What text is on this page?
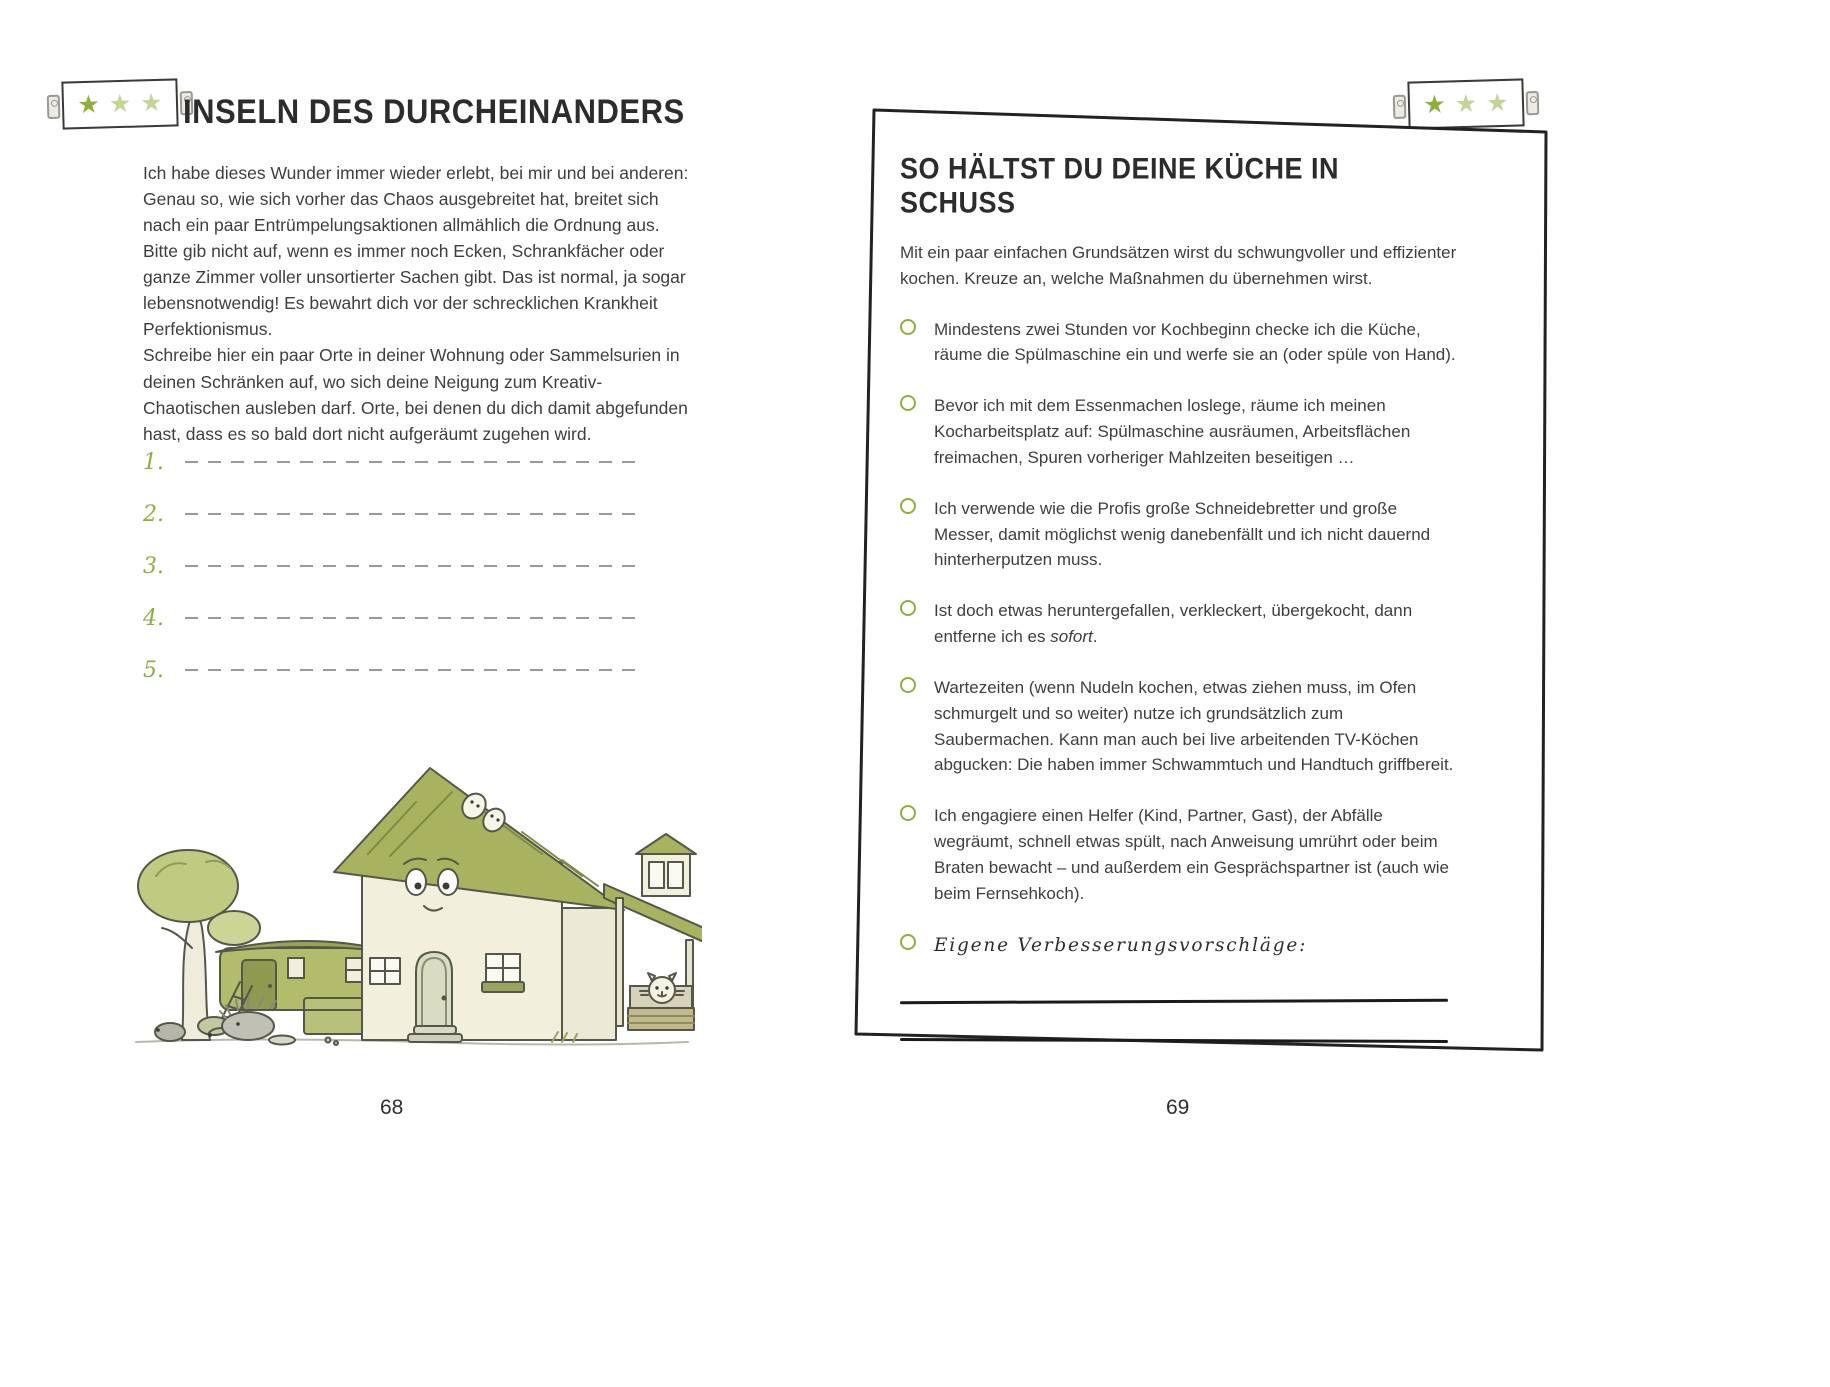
★ ★ ★ INSELN DES DURCHEINANDERS

Ich habe dieses Wunder immer wieder erlebt, bei mir und bei anderen: Genau so, wie sich vorher das Chaos ausgebreitet hat, breitet sich nach ein paar Entrümpelungsaktionen allmählich die Ordnung aus. Bitte gib nicht auf, wenn es immer noch Ecken, Schrankfächer oder ganze Zimmer voller unsortierter Sachen gibt. Das ist normal, ja sogar lebensnotwendig! Es bewahrt dich vor der schrecklichen Krankheit Perfektionismus.

Schreibe hier ein paar Orte in deiner Wohnung oder Sammelsurien in deinen Schränken auf, wo sich deine Neigung zum Kreativ-Chaotischen ausleben darf. Orte, bei denen du dich damit abgefunden hast, dass es so bald dort nicht aufgeräumt zugehen wird.

1.
2.
3.
4.
5.
68
★ ★ ★
SO HÄLTST DU DEINE KÜCHE IN SCHUSS

Mit ein paar einfachen Grundsätzen wirst du schwungvoller und effizienter kochen. Kreuze an, welche Maßnahmen du übernehmen wirst.

Mindestens zwei Stunden vor Kochbeginn checke ich die Küche, räume die Spülmaschine ein und werfe sie an (oder spüle von Hand).

Bevor ich mit dem Essenmachen loslege, räume ich meinen Kocharbeitsplatz auf: Spülmaschine ausräumen, Arbeitsflächen freimachen, Spuren vorheriger Mahlzeiten beseitigen …

Ich verwende wie die Profis große Schneidebretter und große Messer, damit möglichst wenig danebenfällt und ich nicht dauernd hinterherputzen muss.

Ist doch etwas heruntergefallen, verkleckert, übergekocht, dann entferne ich es sofort.

Wartezeiten (wenn Nudeln kochen, etwas ziehen muss, im Ofen schmurgelt und so weiter) nutze ich grundsätzlich zum Saubermachen. Kann man auch bei live arbeitenden TV-Köchen abgucken: Die haben immer Schwammtuch und Handtuch griffbereit.

Ich engagiere einen Helfer (Kind, Partner, Gast), der Abfälle wegräumt, schnell etwas spült, nach Anweisung umrührt oder beim Braten bewacht – und außerdem ein Gesprächspartner ist (auch wie beim Fernsehkoch).

Eigene Verbesserungsvorschläge:

69
